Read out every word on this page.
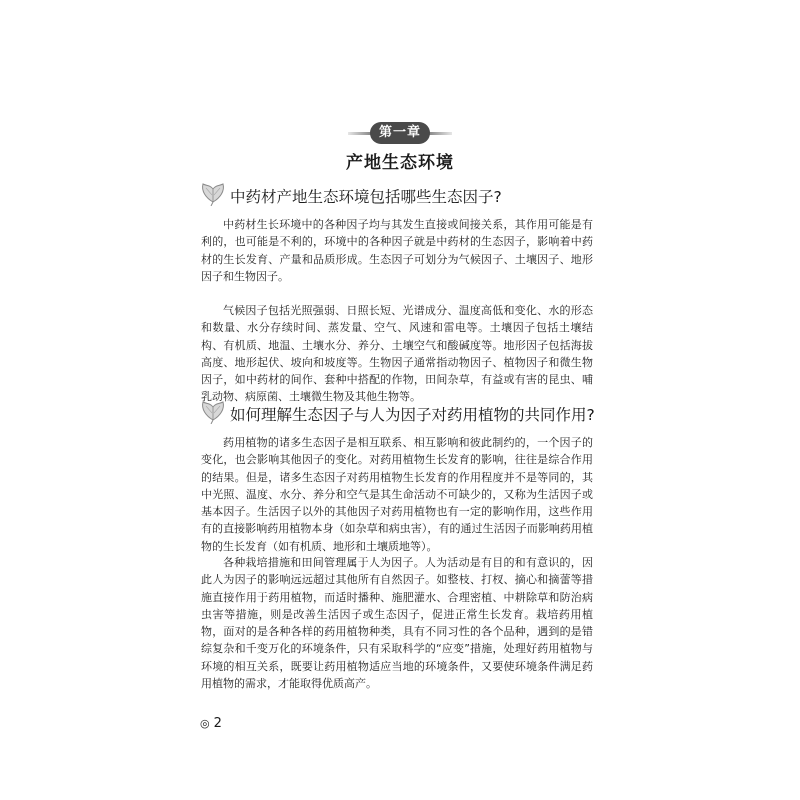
第一章
产地生态环境
中药材产地生态环境包括哪些生态因子?

中药材生长环境中的各种因子均与其发生直接或间接关系，其作用可能是有利的，也可能是不利的，环境中的各种因子就是中药材的生态因子，影响着中药材的生长发育、产量和品质形成。生态因子可划分为气候因子、土壤因子、地形因子和生物因子。

气候因子包括光照强弱、日照长短、光谱成分、温度高低和变化、水的形态和数量、水分存续时间、蒸发量、空气、风速和雷电等。土壤因子包括土壤结构、有机质、地温、土壤水分、养分、土壤空气和酸碱度等。地形因子包括海拔高度、地形起伏、坡向和坡度等。生物因子通常指动物因子、植物因子和微生物因子，如中药材的间作、套种中搭配的作物，田间杂草，有益或有害的昆虫、哺乳动物、病原菌、土壤微生物及其他生物等。

如何理解生态因子与人为因子对药用植物的共同作用?

药用植物的诸多生态因子是相互联系、相互影响和彼此制约的，一个因子的变化，也会影响其他因子的变化。对药用植物生长发育的影响，往往是综合作用的结果。但是，诸多生态因子对药用植物生长发育的作用程度并不是等同的，其中光照、温度、水分、养分和空气是其生命活动不可缺少的，又称为生活因子或基本因子。生活因子以外的其他因子对药用植物也有一定的影响作用，这些作用有的直接影响药用植物本身（如杂草和病虫害），有的通过生活因子而影响药用植物的生长发育（如有机质、地形和土壤质地等）。

各种栽培措施和田间管理属于人为因子。人为活动是有目的和有意识的，因此人为因子的影响远远超过其他所有自然因子。如整枝、打杈、摘心和摘蕾等措施直接作用于药用植物，而适时播种、施肥灌水、合理密植、中耕除草和防治病虫害等措施，则是改善生活因子或生态因子，促进正常生长发育。栽培药用植物，面对的是各种各样的药用植物种类，具有不同习性的各个品种，遇到的是错综复杂和千变万化的环境条件，只有采取科学的“应变”措施，处理好药用植物与环境的相互关系，既要让药用植物适应当地的环境条件，又要使环境条件满足药用植物的需求，才能取得优质高产。

◎ 2
